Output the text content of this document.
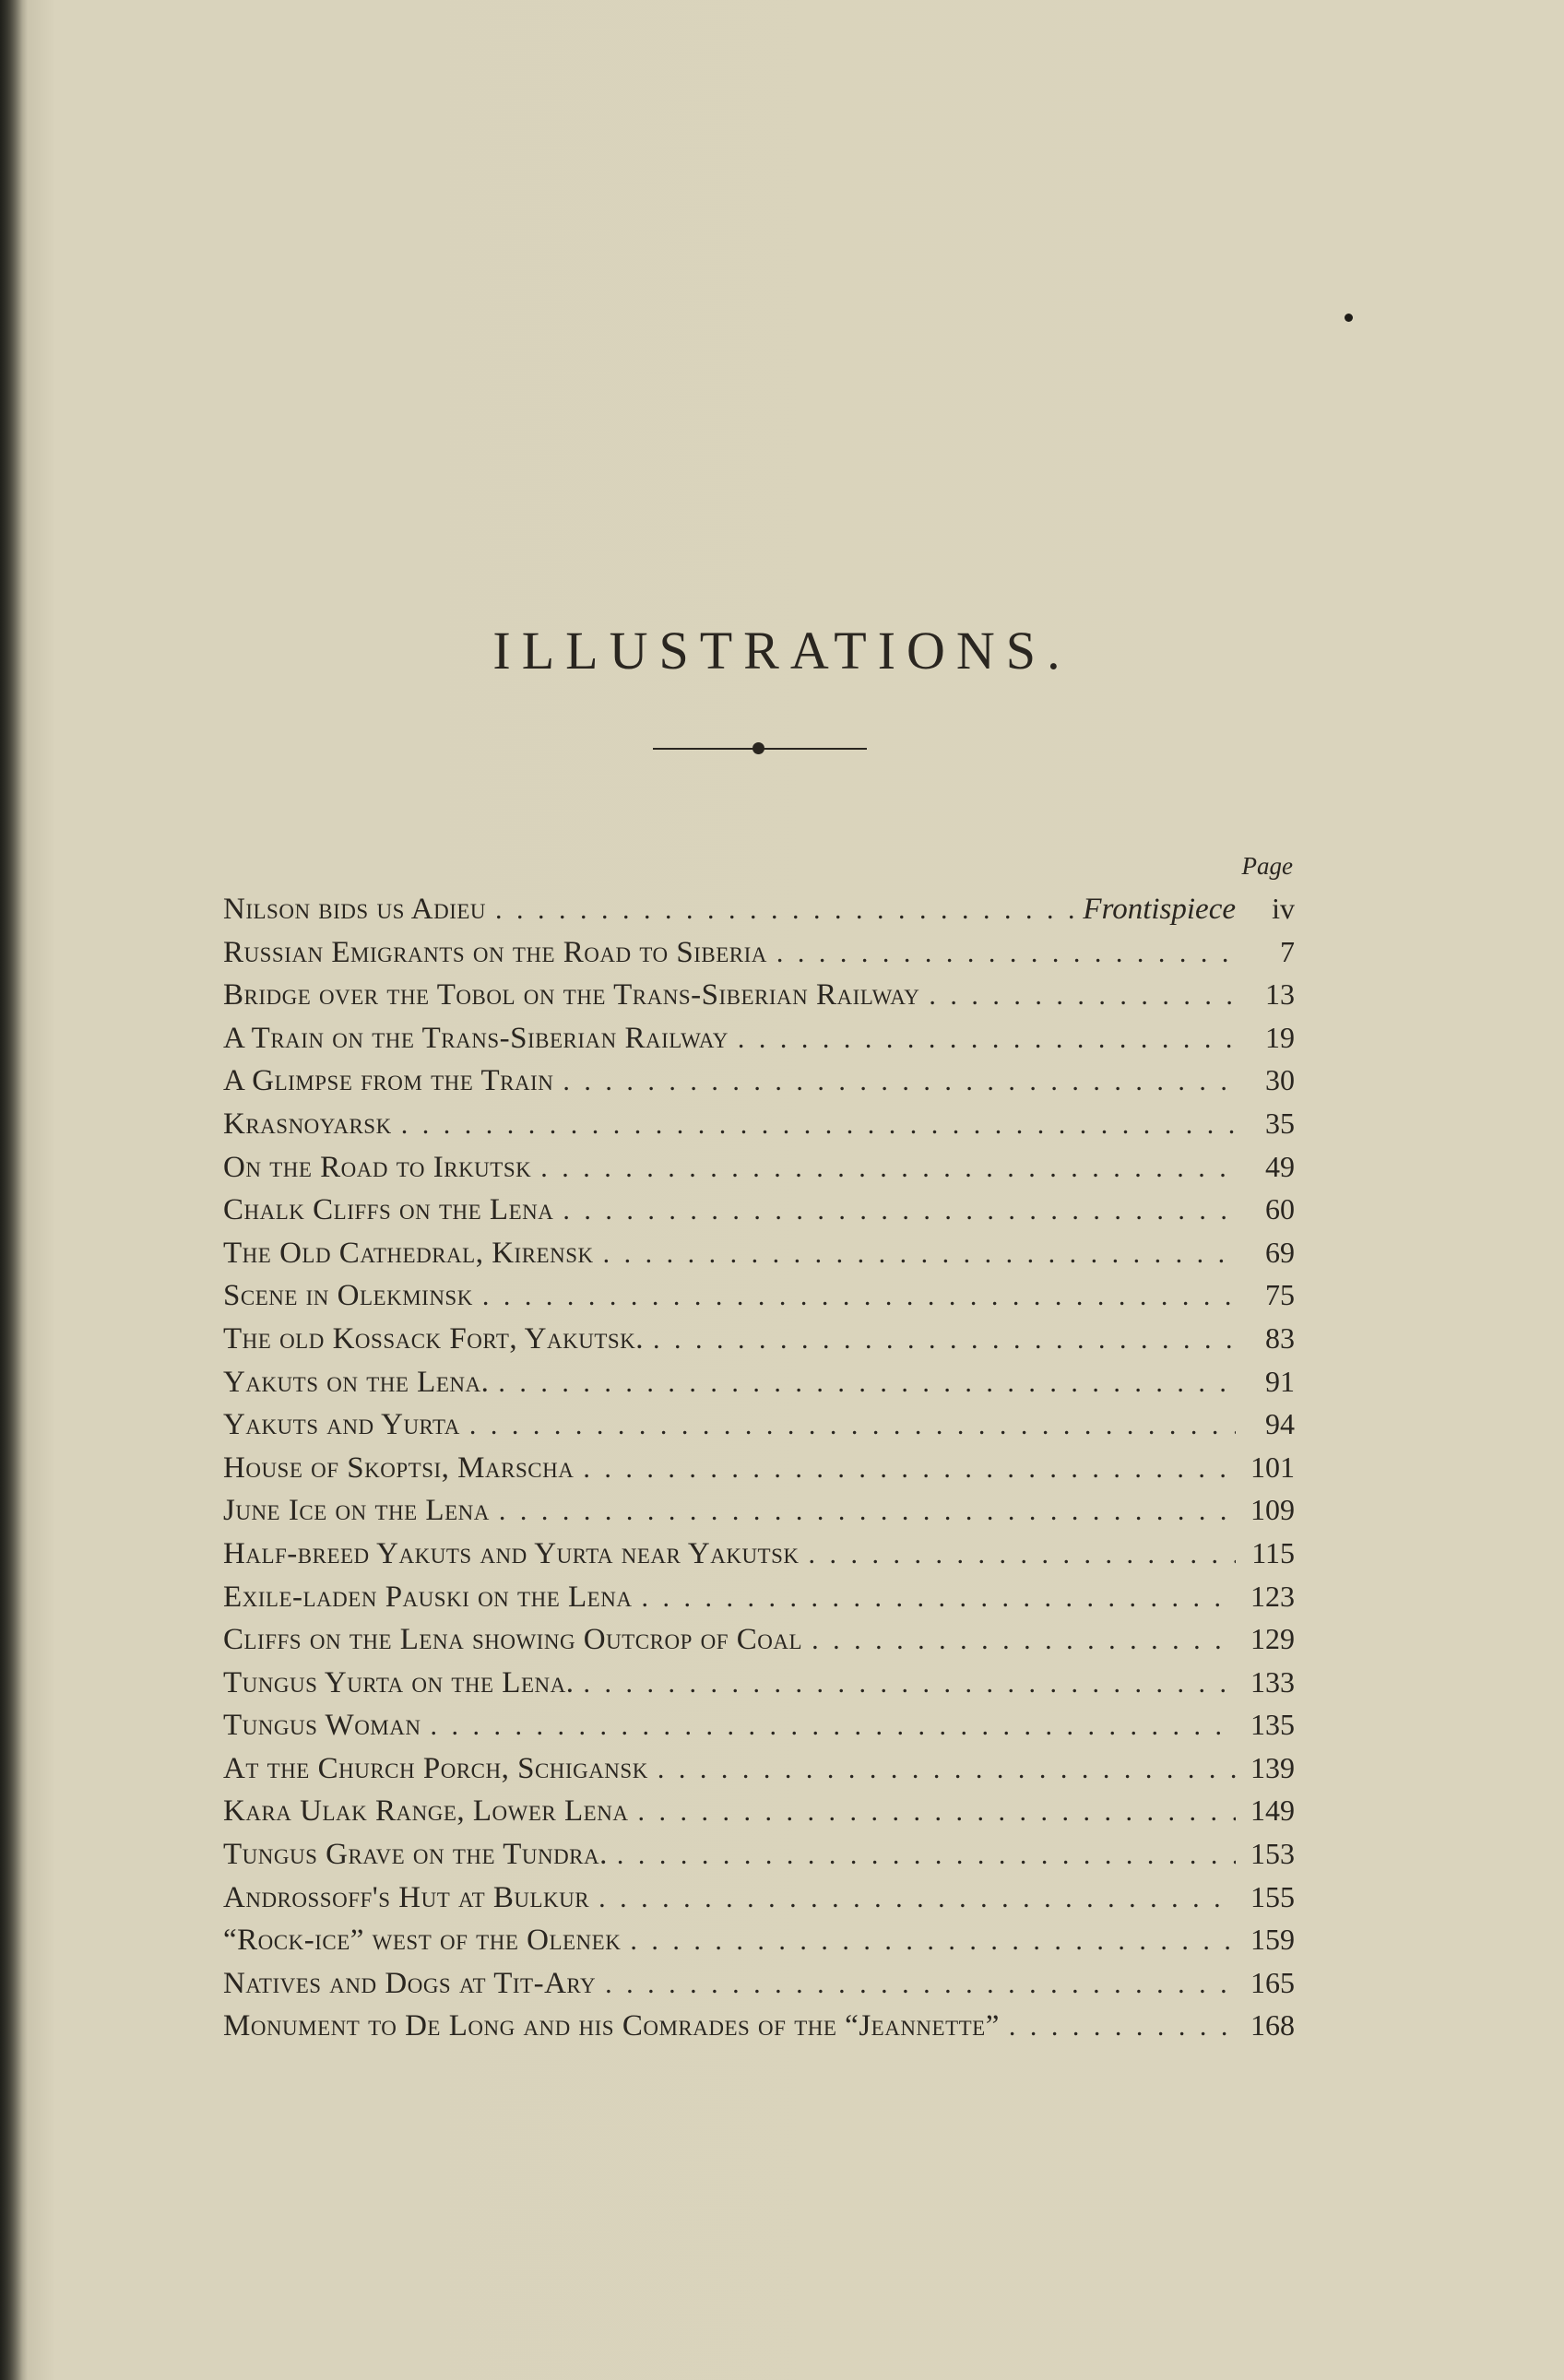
ILLUSTRATIONS.
Page
Nilson bids us Adieu . . .	Frontispiece	iv
Russian Emigrants on the Road to Siberia . . .	7
Bridge over the Tobol on the Trans-Siberian Railway . . .	13
A Train on the Trans-Siberian Railway . . .	19
A Glimpse from the Train . . .	30
Krasnoyarsk . . .	35
On the Road to Irkutsk . . .	49
Chalk Cliffs on the Lena . . .	60
The Old Cathedral, Kirensk . . .	69
Scene in Olekminsk . . .	75
The old Kossack Fort, Yakutsk. . . .	83
Yakuts on the Lena. . . .	91
Yakuts and Yurta . . .	94
House of Skoptsi, Marscha . . .	101
June Ice on the Lena . . .	109
Half-breed Yakuts and Yurta near Yakutsk . . .	115
Exile-laden Pauski on the Lena . . .	123
Cliffs on the Lena showing Outcrop of Coal . . .	129
Tungus Yurta on the Lena. . . .	133
Tungus Woman . . .	135
At the Church Porch, Schigansk . . .	139
Kara Ulak Range, Lower Lena . . .	149
Tungus Grave on the Tundra. . . .	153
Androssoff's Hut at Bulkur . . .	155
“Rock-ice” west of the Olenek . . .	159
Natives and Dogs at Tit-Ary . . .	165
Monument to De Long and his Comrades of the “Jeannette” . . .	168
